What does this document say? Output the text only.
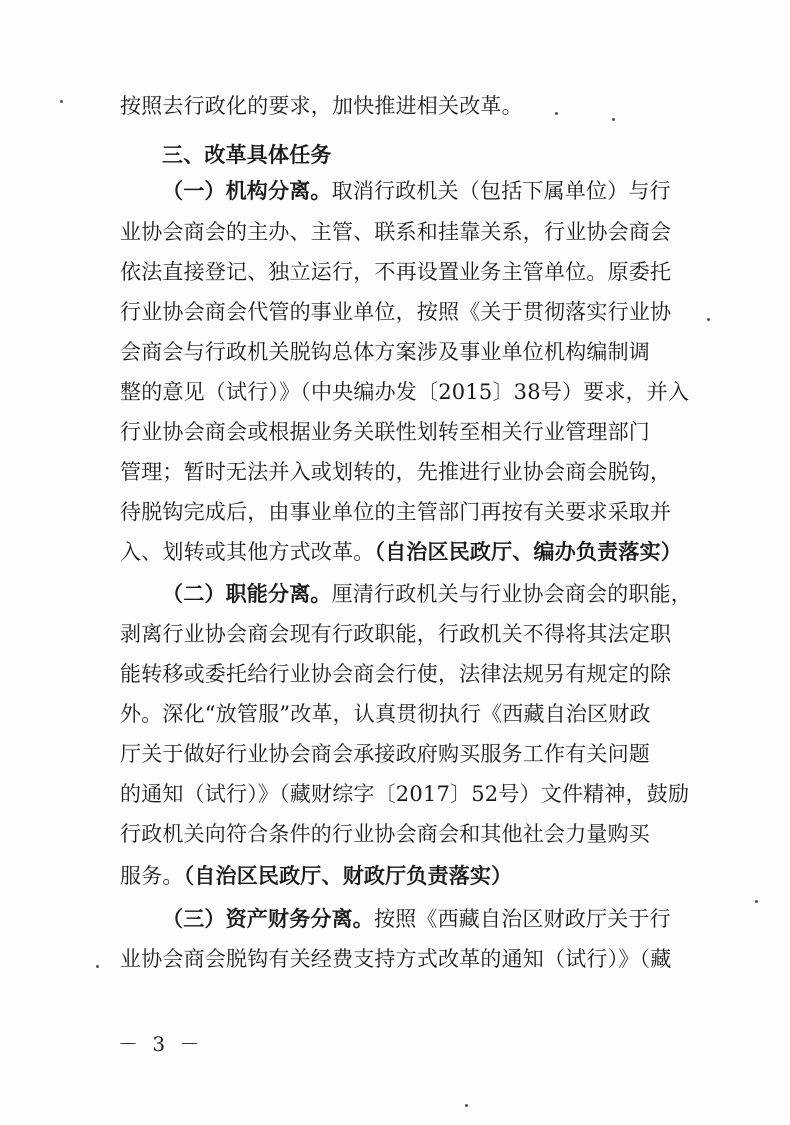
按照去行政化的要求，加快推进相关改革。
三、改革具体任务
（一）机构分离。取消行政机关（包括下属单位）与行
业协会商会的主办、主管、联系和挂靠关系，行业协会商会
依法直接登记、独立运行，不再设置业务主管单位。原委托
行业协会商会代管的事业单位，按照《关于贯彻落实行业协
会商会与行政机关脱钩总体方案涉及事业单位机构编制调
整的意见（试行）》（中央编办发〔2015〕38号）要求，并入
行业协会商会或根据业务关联性划转至相关行业管理部门
管理；暂时无法并入或划转的，先推进行业协会商会脱钩，
待脱钩完成后，由事业单位的主管部门再按有关要求采取并
入、划转或其他方式改革。（自治区民政厅、编办负责落实）
（二）职能分离。厘清行政机关与行业协会商会的职能，
剥离行业协会商会现有行政职能，行政机关不得将其法定职
能转移或委托给行业协会商会行使，法律法规另有规定的除
外。深化“放管服”改革，认真贯彻执行《西藏自治区财政
厅关于做好行业协会商会承接政府购买服务工作有关问题
的通知（试行）》（藏财综字〔2017〕52号）文件精神，鼓励
行政机关向符合条件的行业协会商会和其他社会力量购买
服务。（自治区民政厅、财政厅负责落实）
（三）资产财务分离。按照《西藏自治区财政厅关于行
业协会商会脱钩有关经费支持方式改革的通知（试行）》（藏
－ 3 －
